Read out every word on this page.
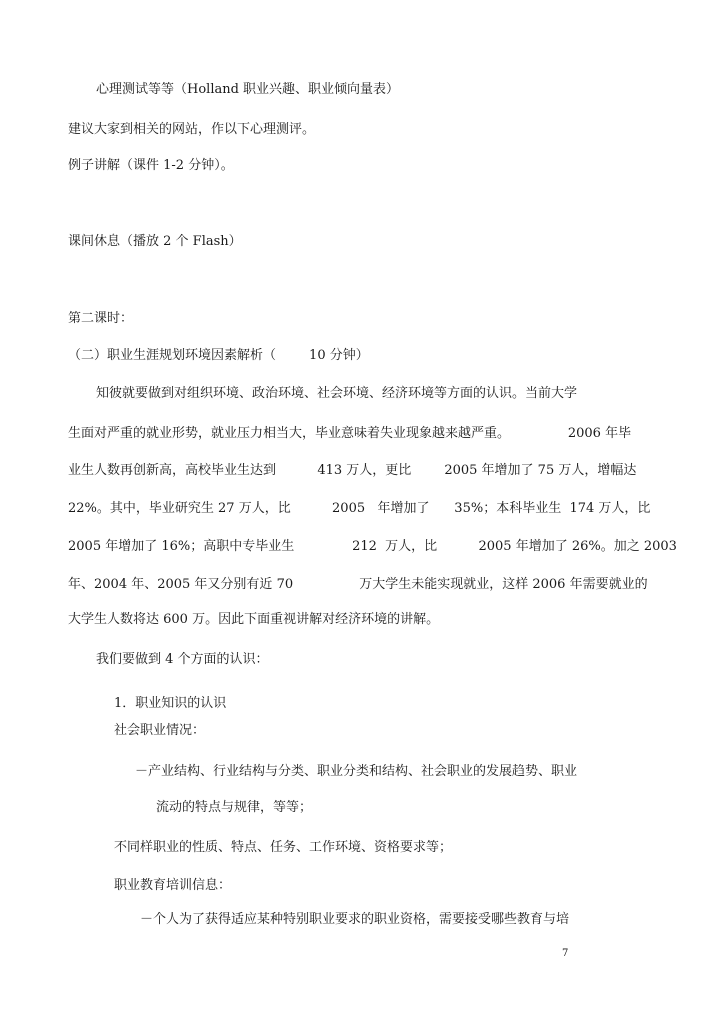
心理测试等等（Holland 职业兴趣、职业倾向量表）

建议大家到相关的网站，作以下心理测评。

例子讲解（课件 1-2 分钟）。

课间休息（播放 2 个 Flash）

第二课时：

（二）职业生涯规划环境因素解析（        10 分钟）

知彼就要做到对组织环境、政治环境、社会环境、经济环境等方面的认识。当前大学

生面对严重的就业形势，就业压力相当大，毕业意味着失业现象越来越严重。              2006 年毕

业生人数再创新高，高校毕业生达到          413 万人，更比        2005 年增加了 75 万人，增幅达

22%。其中，毕业研究生 27 万人，比          2005   年增加了      35%；本科毕业生  174 万人，比

2005 年增加了 16%；高职中专毕业生              212  万人，比          2005 年增加了 26%。加之 2003

年、2004 年、2005 年又分别有近 70                万大学生未能实现就业，这样 2006 年需要就业的

大学生人数将达 600 万。因此下面重视讲解对经济环境的讲解。

我们要做到 4 个方面的认识：

1．职业知识的认识

社会职业情况：

－产业结构、行业结构与分类、职业分类和结构、社会职业的发展趋势、职业

流动的特点与规律，等等；

不同样职业的性质、特点、任务、工作环境、资格要求等；

职业教育培训信息：

－个人为了获得适应某种特别职业要求的职业资格，需要接受哪些教育与培

7
